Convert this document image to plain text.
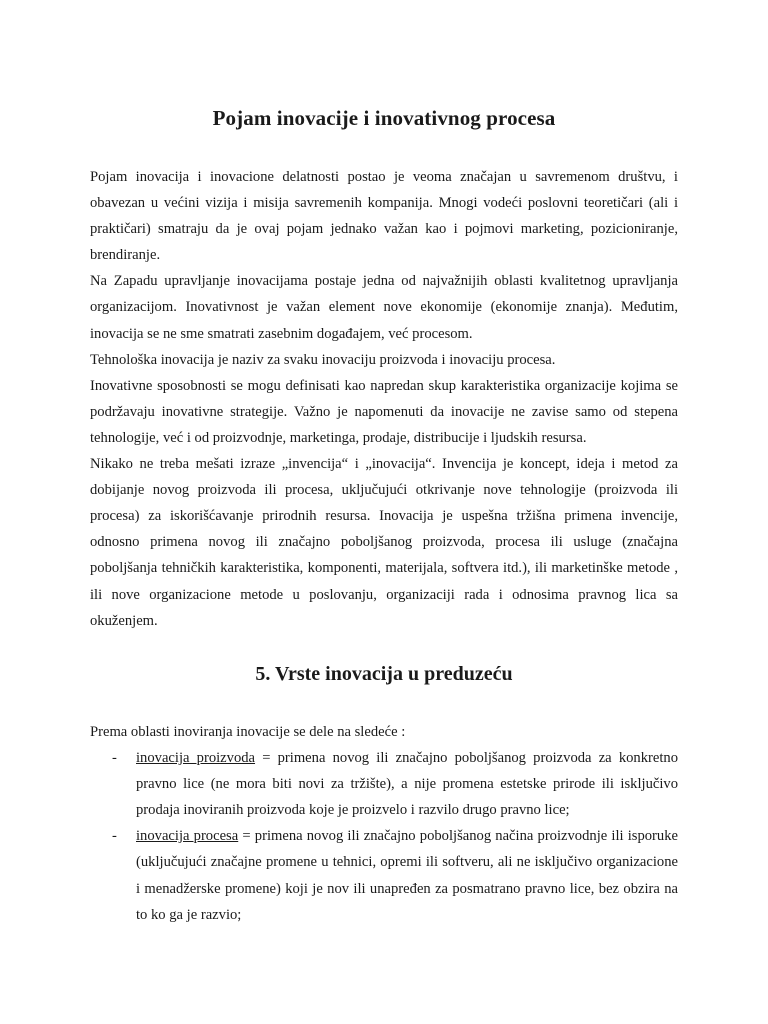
Pojam inovacije i inovativnog procesa

Pojam inovacija i inovacione delatnosti postao je veoma značajan u savremenom društvu, i obavezan u većini vizija i misija savremenih kompanija. Mnogi vodeći poslovni teoretičari (ali i praktičari) smatraju da je ovaj pojam jednako važan kao i pojmovi marketing, pozicioniranje, brendiranje.

Na Zapadu upravljanje inovacijama postaje jedna od najvažnijih oblasti kvalitetnog upravljanja organizacijom. Inovativnost je važan element nove ekonomije (ekonomije znanja). Međutim, inovacija se ne sme smatrati zasebnim događajem, već procesom.

Tehnološka inovacija je naziv za svaku inovaciju proizvoda i inovaciju procesa.

Inovativne sposobnosti se mogu definisati kao napredan skup karakteristika organizacije kojima se podržavaju inovativne strategije. Važno je napomenuti da inovacije ne zavise samo od stepena tehnologije, već i od proizvodnje, marketinga, prodaje, distribucije i ljudskih resursa.

Nikako ne treba mešati izraze „invencija“ i „inovacija“. Invencija je koncept, ideja i metod za dobijanje novog proizvoda ili procesa, uključujući otkrivanje nove tehnologije (proizvoda ili procesa) za iskorišćavanje prirodnih resursa. Inovacija je uspešna tržišna primena invencije, odnosno primena novog ili značajno poboljšanog proizvoda, procesa ili usluge (značajna poboljšanja tehničkih karakteristika, komponenti, materijala, softvera itd.), ili marketinške metode , ili nove organizacione metode u poslovanju, organizaciji rada i odnosima pravnog lica sa okuženjem.

5. Vrste inovacija u preduzeću

Prema oblasti inoviranja inovacije se dele na sledeće :

- inovacija proizvoda = primena novog ili značajno poboljšanog proizvoda za konkretno pravno lice (ne mora biti novi za tržište), a nije promena estetske prirode ili isključivo prodaja inoviranih proizvoda koje je proizvelo i razvilo drugo pravno lice;
- inovacija procesa = primena novog ili značajno poboljšanog načina proizvodnje ili isporuke (uključujući značajne promene u tehnici, opremi ili softveru, ali ne isključivo organizacione i menadžerske promene) koji je nov ili unapređen za posmatrano pravno lice, bez obzira na to ko ga je razvio;
